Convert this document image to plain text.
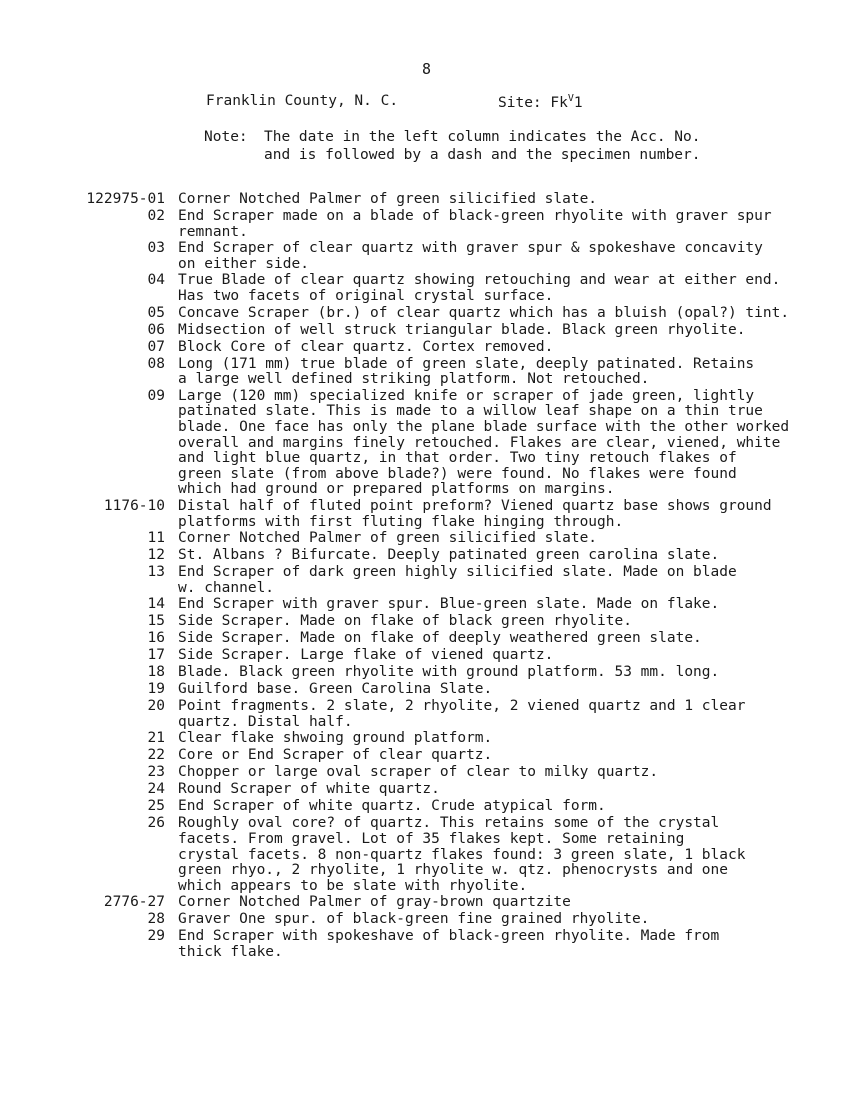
8
Franklin County, N. C.	Site: $Fk^V1$
Note: The date in the left column indicates the Acc. No.
and is followed by a dash and the specimen number.
122975-01 Corner Notched Palmer of green silicified slate.
02 End Scraper made on a blade of black-green rhyolite with graver spur
remnant.
03 End Scraper of clear quartz with graver spur & spokeshave concavity
on either side.
04 True Blade of clear quartz showing retouching and wear at either end.
Has two facets of original crystal surface.
05 Concave Scraper (br.) of clear quartz which has a bluish (opal?) tint.
06 Midsection of well struck triangular blade. Black green rhyolite.
07 Block Core of clear quartz. Cortex removed.
08 Long (171 mm) true blade of green slate, deeply patinated. Retains
a large well defined striking platform. Not retouched.
09 Large (120 mm) specialized knife or scraper of jade green, lightly
patinated slate. This is made to a willow leaf shape on a thin true
blade. One face has only the plane blade surface with the other worked
overall and margins finely retouched. Flakes are clear, viened, white
and light blue quartz, in that order. Two tiny retouch flakes of
green slate (from above blade?) were found. No flakes were found
which had ground or prepared platforms on margins.
1176-10 Distal half of fluted point preform? Viened quartz base shows ground
platforms with first fluting flake hinging through.
11 Corner Notched Palmer of green silicified slate.
12 St. Albans ? Bifurcate. Deeply patinated green carolina slate.
13 End Scraper of dark green highly silicified slate. Made on blade
w. channel.
14 End Scraper with graver spur. Blue-green slate. Made on flake.
15 Side Scraper. Made on flake of black green rhyolite.
16 Side Scraper. Made on flake of deeply weathered green slate.
17 Side Scraper. Large flake of viened quartz.
18 Blade. Black green rhyolite with ground platform. 53 mm. long.
19 Guilford base. Green Carolina Slate.
20 Point fragments. 2 slate, 2 rhyolite, 2 viened quartz and 1 clear
quartz. Distal half.
21 Clear flake shwoing ground platform.
22 Core or End Scraper of clear quartz.
23 Chopper or large oval scraper of clear to milky quartz.
24 Round Scraper of white quartz.
25 End Scraper of white quartz. Crude atypical form.
26 Roughly oval core? of quartz. This retains some of the crystal
facets. From gravel. Lot of 35 flakes kept. Some retaining
crystal facets. 8 non-quartz flakes found: 3 green slate, 1 black
green rhyo., 2 rhyolite, 1 rhyolite w. qtz. phenocrysts and one
which appears to be slate with rhyolite.
2776-27 Corner Notched Palmer of gray-brown quartzite
28 Graver One spur. of black-green fine grained rhyolite.
29 End Scraper with spokeshave of black-green rhyolite. Made from
thick flake.
